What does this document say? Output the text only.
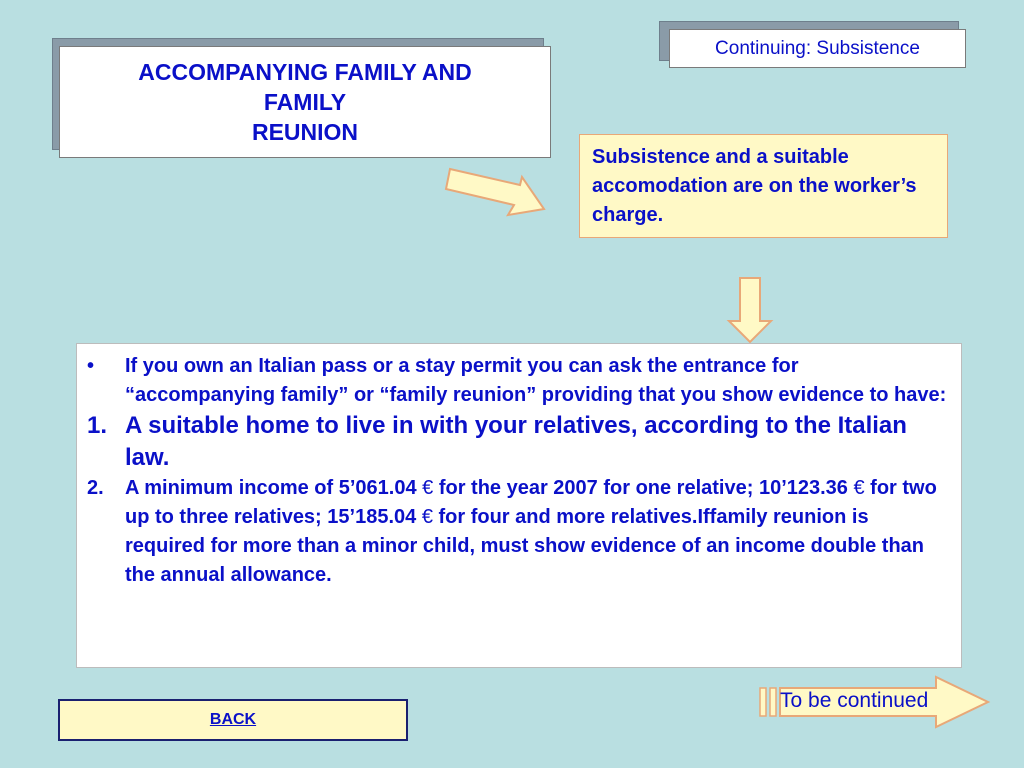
ACCOMPANYING FAMILY AND
FAMILY
REUNION
Continuing: Subsistence
Subsistence and a suitable accomodation are on the worker’s charge.
•	If you own an Italian pass or a stay permit you can ask the entrance for “accompanying family” or “family reunion” providing that you show evidence to have:
1. A suitable home to live in with your relatives, according to the Italian law.
2.	A minimum income of 5’061.04 € for the year 2007 for one relative; 10’123.36 € for two up to three relatives; 15’185.04 € for four and more relatives.Iffamily reunion is required for more than a minor child, must show evidence of an income double than the annual allowance.
BACK
To be continued
